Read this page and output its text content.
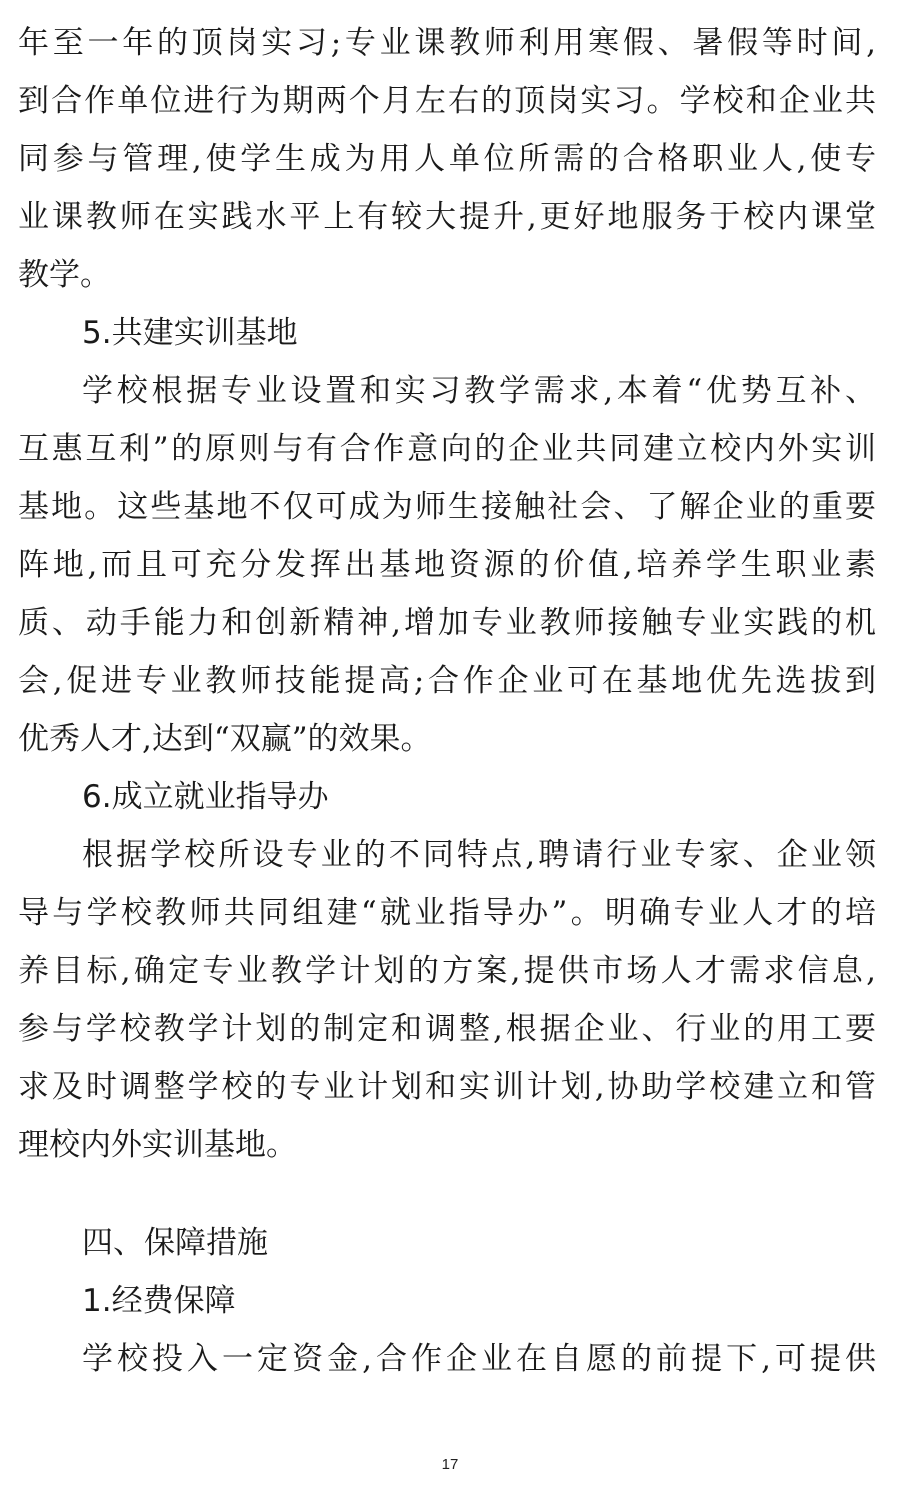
年至一年的顶岗实习;专业课教师利用寒假、暑假等时间,
到合作单位进行为期两个月左右的顶岗实习。学校和企业共
同参与管理,使学生成为用人单位所需的合格职业人,使专
业课教师在实践水平上有较大提升,更好地服务于校内课堂
教学。
5.共建实训基地
学校根据专业设置和实习教学需求,本着“优势互补、
互惠互利”的原则与有合作意向的企业共同建立校内外实训
基地。这些基地不仅可成为师生接触社会、了解企业的重要
阵地,而且可充分发挥出基地资源的价值,培养学生职业素
质、动手能力和创新精神,增加专业教师接触专业实践的机
会,促进专业教师技能提高;合作企业可在基地优先选拔到
优秀人才,达到“双赢”的效果。
6.成立就业指导办
根据学校所设专业的不同特点,聘请行业专家、企业领
导与学校教师共同组建“就业指导办”。明确专业人才的培
养目标,确定专业教学计划的方案,提供市场人才需求信息,
参与学校教学计划的制定和调整,根据企业、行业的用工要
求及时调整学校的专业计划和实训计划,协助学校建立和管
理校内外实训基地。
四、保障措施
1.经费保障
学校投入一定资金,合作企业在自愿的前提下,可提供
17
